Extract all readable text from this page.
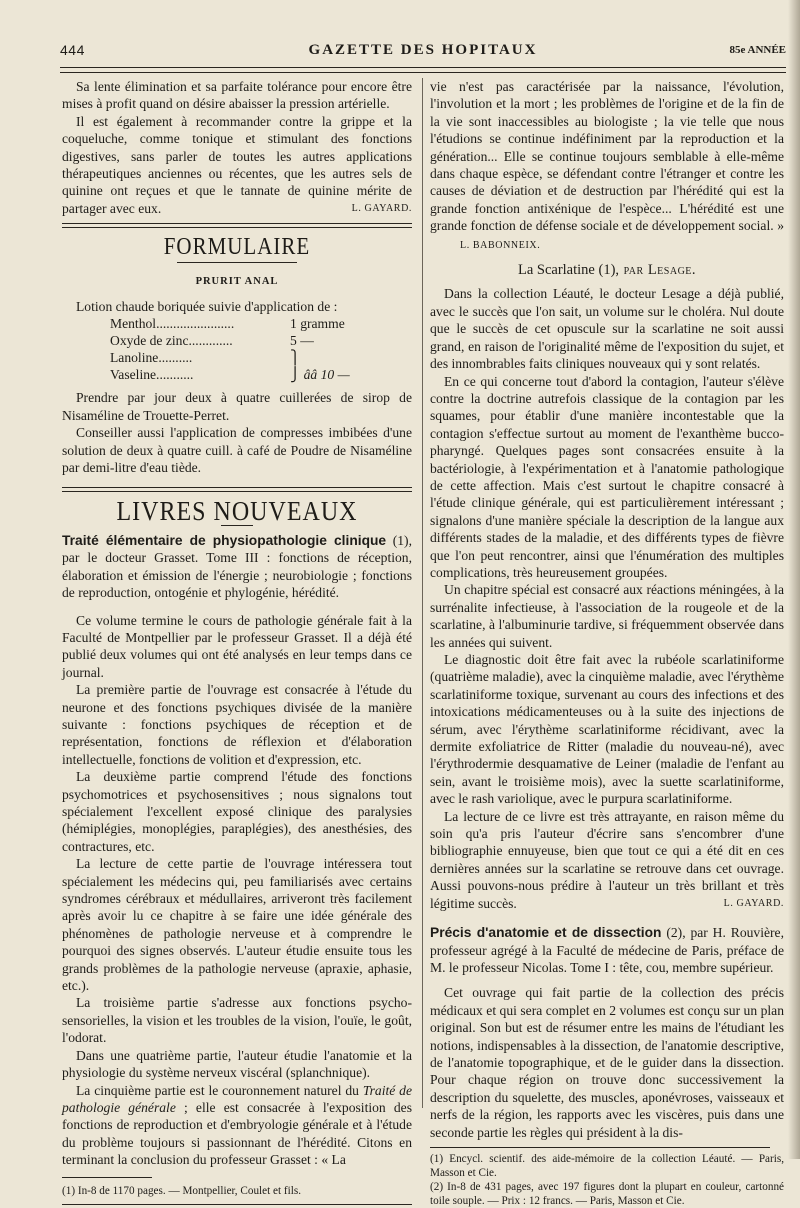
444	GAZETTE DES HOPITAUX	85e ANNÉE

Sa lente élimination et sa parfaite tolérance pour encore être mises à profit quand on désire abaisser la pression artérielle.

Il est également à recommander contre la grippe et la coqueluche, comme tonique et stimulant des fonctions digestives, sans parler de toutes les autres applications thérapeutiques anciennes ou récentes, que les autres sels de quinine ont reçues et que le tannate de quinine mérite de partager avec eux.	L. GAYARD.

FORMULAIRE
PRURIT ANAL

Lotion chaude boriquée suivie d'application de :

Menthol.......................	1 gramme
Oxyde de zinc.............	5 —
Lanoline..........	⎫
Vaseline...........	⎭ ââ 10 —

Prendre par jour deux à quatre cuillerées de sirop de Nisaméline de Trouette-Perret.

Conseiller aussi l'application de compresses imbibées d'une solution de deux à quatre cuill. à café de Poudre de Nisaméline par demi-litre d'eau tiède.

LIVRES NOUVEAUX

Traité élémentaire de physiopathologie clinique (1), par le docteur Grasset. Tome III : fonctions de réception, élaboration et émission de l'énergie ; neurobiologie ; fonctions de reproduction, ontogénie et phylogénie, hérédité.

Ce volume termine le cours de pathologie générale fait à la Faculté de Montpellier par le professeur Grasset. Il a déjà été publié deux volumes qui ont été analysés en leur temps dans ce journal.

La première partie de l'ouvrage est consacrée à l'étude du neurone et des fonctions psychiques divisée de la manière suivante : fonctions psychiques de réception et de représentation, fonctions de réflexion et d'élaboration intellectuelle, fonctions de volition et d'expression, etc.

La deuxième partie comprend l'étude des fonctions psychomotrices et psychosensitives ; nous signalons tout spécialement l'excellent exposé clinique des paralysies (hémiplégies, monoplégies, paraplégies), des anesthésies, des contractures, etc.

La lecture de cette partie de l'ouvrage intéressera tout spécialement les médecins qui, peu familiarisés avec certains syndromes cérébraux et médullaires, arriveront très facilement après avoir lu ce chapitre à se faire une idée générale des phénomènes de pathologie nerveuse et à comprendre le pourquoi des signes observés. L'auteur étudie ensuite tous les grands problèmes de la pathologie nerveuse (apraxie, aphasie, etc.).

La troisième partie s'adresse aux fonctions psycho-sensorielles, la vision et les troubles de la vision, l'ouïe, le goût, l'odorat.

Dans une quatrième partie, l'auteur étudie l'anatomie et la physiologie du système nerveux viscéral (splanchnique).

La cinquième partie est le couronnement naturel du Traité de pathologie générale ; elle est consacrée à l'exposition des fonctions de reproduction et d'embryologie générale et à l'étude du problème toujours si passionnant de l'hérédité. Citons en terminant la conclusion du professeur Grasset : « La

(1) In-8 de 1170 pages. — Montpellier, Coulet et fils.

vie n'est pas caractérisée par la naissance, l'évolution, l'involution et la mort ; les problèmes de l'origine et de la fin de la vie sont inaccessibles au biologiste ; la vie telle que nous l'étudions se continue indéfiniment par la reproduction et la génération... Elle se continue toujours semblable à elle-même dans chaque espèce, se défendant contre l'étranger et contre les causes de déviation et de destruction par l'hérédité qui est la grande fonction antixénique de l'espèce... L'hérédité est une grande fonction de défense sociale et de développement social. » L. BABONNEIX.

La Scarlatine (1), par Lesage.

Dans la collection Léauté, le docteur Lesage a déjà publié, avec le succès que l'on sait, un volume sur le choléra. Nul doute que le succès de cet opuscule sur la scarlatine ne soit aussi grand, en raison de l'originalité même de l'exposition du sujet, et des innombrables faits cliniques nouveaux qui y sont relatés.

En ce qui concerne tout d'abord la contagion, l'auteur s'élève contre la doctrine autrefois classique de la contagion par les squames, pour établir d'une manière incontestable que la contagion s'effectue surtout au moment de l'exanthème bucco-pharyngé. Quelques pages sont consacrées ensuite à la bactériologie, à l'expérimentation et à l'anatomie pathologique de cette affection. Mais c'est surtout le chapitre consacré à l'étude clinique générale, qui est particulièrement intéressant ; signalons d'une manière spéciale la description de la langue aux différents stades de la maladie, et des différents types de fièvre que l'on peut rencontrer, ainsi que l'énumération des multiples complications, très heureusement groupées.

Un chapitre spécial est consacré aux réactions méningées, à la surrénalite infectieuse, à l'association de la rougeole et de la scarlatine, à l'albuminurie tardive, si fréquemment observée dans les années qui suivent.

Le diagnostic doit être fait avec la rubéole scarlatiniforme (quatrième maladie), avec la cinquième maladie, avec l'érythème scarlatiniforme toxique, survenant au cours des infections et des intoxications médicamenteuses ou à la suite des injections de sérum, avec l'érythème scarlatiniforme récidivant, avec la dermite exfoliatrice de Ritter (maladie du nouveau-né), avec l'érythrodermie desquamative de Leiner (maladie de l'enfant au sein, avant le troisième mois), avec la suette scarlatiniforme, avec le rash variolique, avec le purpura scarlatiniforme.

La lecture de ce livre est très attrayante, en raison même du soin qu'a pris l'auteur d'écrire sans s'encombrer d'une bibliographie ennuyeuse, bien que tout ce qui a été dit en ces dernières années sur la scarlatine se retrouve dans cet ouvrage. Aussi pouvons-nous prédire à l'auteur un très brillant et très légitime succès.	L. GAYARD.

Précis d'anatomie et de dissection (2), par H. Rouvière, professeur agrégé à la Faculté de médecine de Paris, préface de M. le professeur Nicolas. Tome I : tête, cou, membre supérieur.

Cet ouvrage qui fait partie de la collection des précis médicaux et qui sera complet en 2 volumes est conçu sur un plan original. Son but est de résumer entre les mains de l'étudiant les notions, indispensables à la dissection, de l'anatomie descriptive, de l'anatomie topographique, et de le guider dans la dissection. Pour chaque région on trouve donc successivement la description du squelette, des muscles, aponévroses, vaisseaux et nerfs de la région, les rapports avec les viscères, puis dans une seconde partie les règles qui président à la dis-

(1) Encycl. scientif. des aide-mémoire de la collection Léauté. — Paris, Masson et Cie.

(2) In-8 de 431 pages, avec 197 figures dont la plupart en couleur, cartonné toile souple. — Prix : 12 francs. — Paris, Masson et Cie.
